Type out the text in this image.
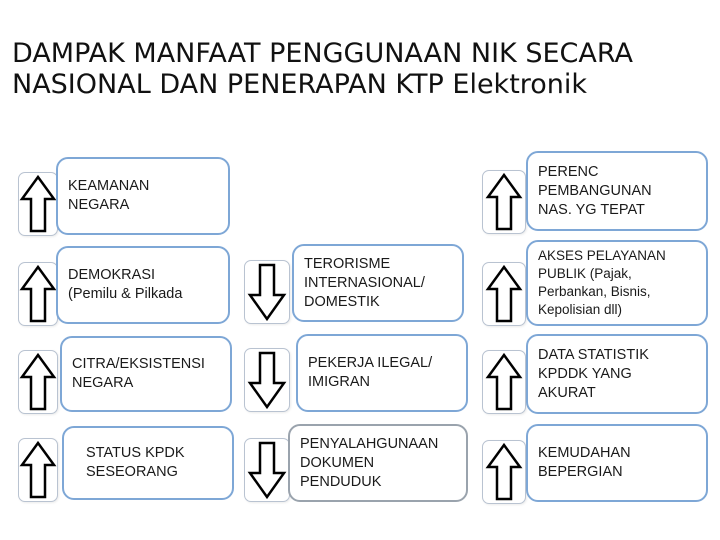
DAMPAK MANFAAT PENGGUNAAN NIK SECARA
NASIONAL DAN PENERAPAN KTP Elektronik
KEAMANAN
NEGARA
DEMOKRASI
(Pemilu & Pilkada
CITRA/EKSISTENSI
NEGARA
STATUS KPDK
SESEORANG
TERORISME
INTERNASIONAL/
DOMESTIK
PEKERJA ILEGAL/
IMIGRAN
PENYALAHGUNAAN
DOKUMEN
PENDUDUK
PERENC
PEMBANGUNAN
NAS. YG TEPAT
AKSES PELAYANAN
PUBLIK (Pajak,
Perbankan, Bisnis,
Kepolisian dll)
DATA STATISTIK
KPDDK YANG
AKURAT
KEMUDAHAN
BEPERGIAN
